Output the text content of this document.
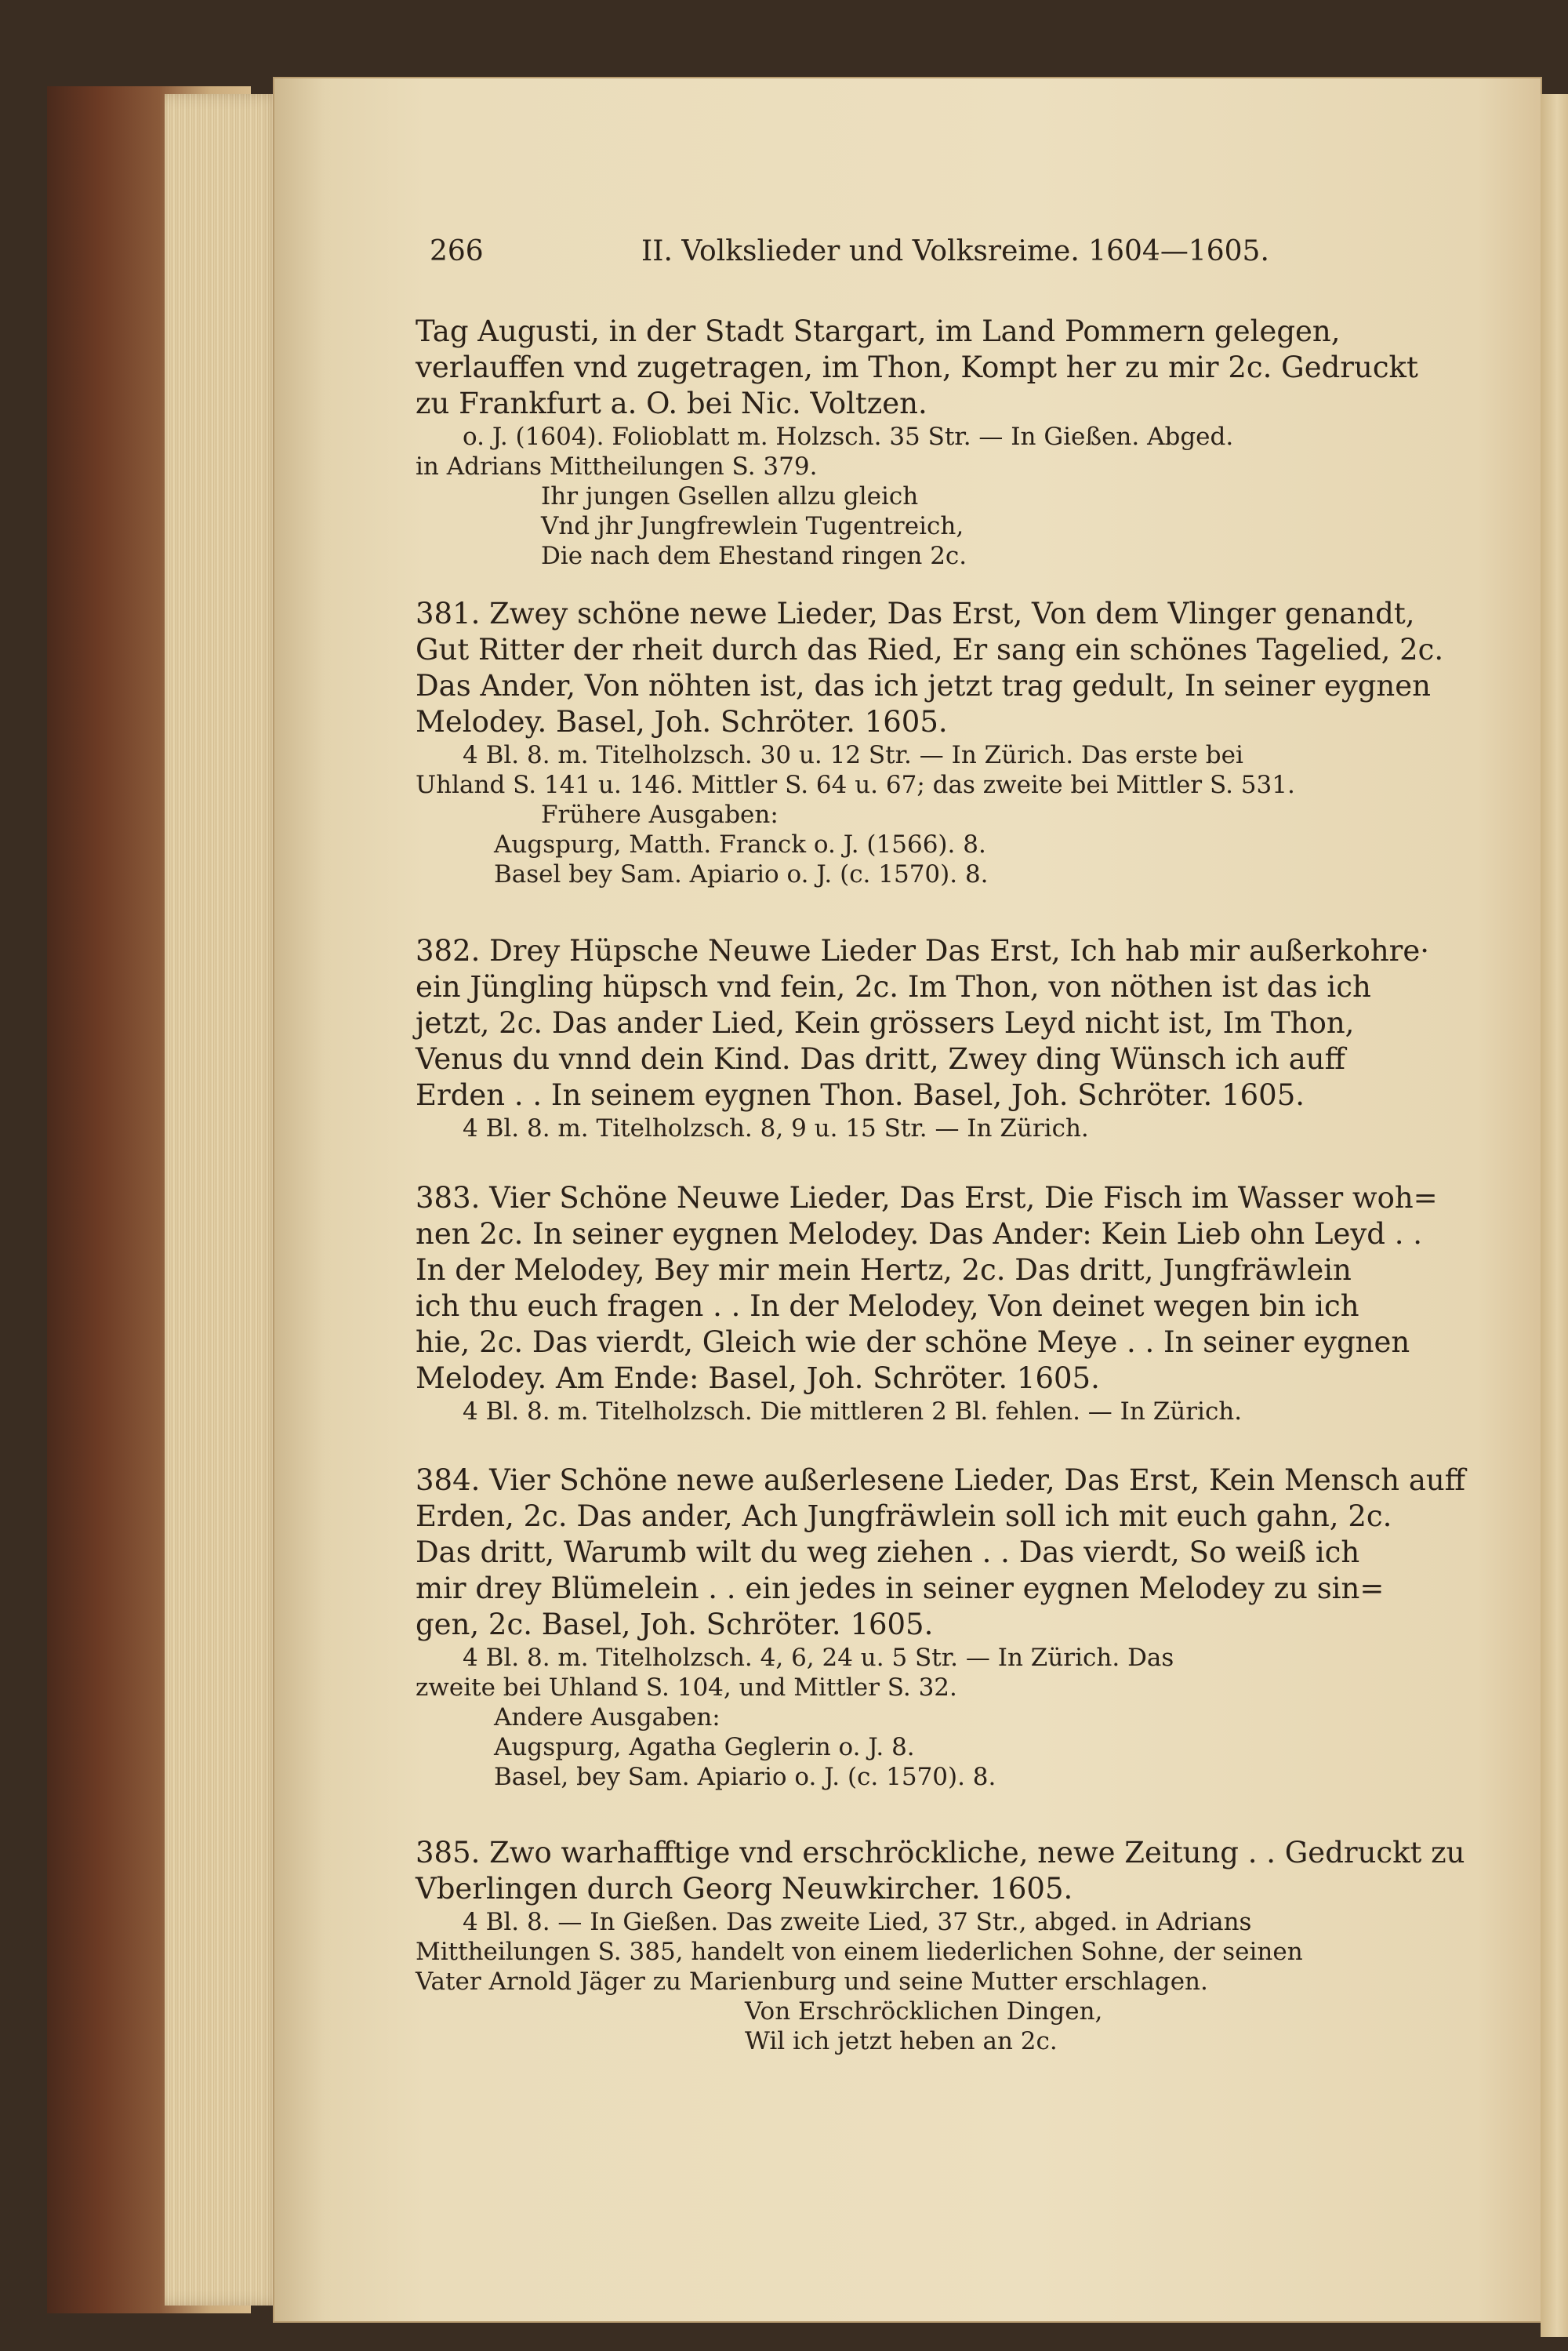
266	II. Volkslieder und Volksreime. 1604—1605.
Tag Augusti, in der Stadt Stargart, im Land Pommern gelegen,
verlauffen vnd zugetragen, im Thon, Kompt her zu mir 2c. Gedruckt
zu Frankfurt a. O. bei Nic. Voltzen.
o. J. (1604). Folioblatt m. Holzsch. 35 Str. — In Gießen. Abged.
in Adrians Mittheilungen S. 379.
Ihr jungen Gsellen allzu gleich
Vnd jhr Jungfrewlein Tugentreich,
Die nach dem Ehestand ringen 2c.
381. Zwey schöne newe Lieder, Das Erst, Von dem Vlinger genandt,
Gut Ritter der rheit durch das Ried, Er sang ein schönes Tagelied, 2c.
Das Ander, Von nöhten ist, das ich jetzt trag gedult, In seiner eygnen
Melodey. Basel, Joh. Schröter. 1605.
4 Bl. 8. m. Titelholzsch. 30 u. 12 Str. — In Zürich. Das erste bei
Uhland S. 141 u. 146. Mittler S. 64 u. 67; das zweite bei Mittler S. 531.
Frühere Ausgaben:
Augspurg, Matth. Franck o. J. (1566). 8.
Basel bey Sam. Apiario o. J. (c. 1570). 8.
382. Drey Hüpsche Neuwe Lieder Das Erst, Ich hab mir außerkohre·
ein Jüngling hüpsch vnd fein, 2c. Im Thon, von nöthen ist das ich
jetzt, 2c. Das ander Lied, Kein grössers Leyd nicht ist, Im Thon,
Venus du vnnd dein Kind. Das dritt, Zwey ding Wünsch ich auff
Erden . . In seinem eygnen Thon. Basel, Joh. Schröter. 1605.
4 Bl. 8. m. Titelholzsch. 8, 9 u. 15 Str. — In Zürich.
383. Vier Schöne Neuwe Lieder, Das Erst, Die Fisch im Wasser woh=
nen 2c. In seiner eygnen Melodey. Das Ander: Kein Lieb ohn Leyd . .
In der Melodey, Bey mir mein Hertz, 2c. Das dritt, Jungfräwlein
ich thu euch fragen . . In der Melodey, Von deinet wegen bin ich
hie, 2c. Das vierdt, Gleich wie der schöne Meye . . In seiner eygnen
Melodey. Am Ende: Basel, Joh. Schröter. 1605.
4 Bl. 8. m. Titelholzsch. Die mittleren 2 Bl. fehlen. — In Zürich.
384. Vier Schöne newe außerlesene Lieder, Das Erst, Kein Mensch auff
Erden, 2c. Das ander, Ach Jungfräwlein soll ich mit euch gahn, 2c.
Das dritt, Warumb wilt du weg ziehen . . Das vierdt, So weiß ich
mir drey Blümelein . . ein jedes in seiner eygnen Melodey zu sin=
gen, 2c. Basel, Joh. Schröter. 1605.
4 Bl. 8. m. Titelholzsch. 4, 6, 24 u. 5 Str. — In Zürich. Das
zweite bei Uhland S. 104, und Mittler S. 32.
Andere Ausgaben:
Augspurg, Agatha Geglerin o. J. 8.
Basel, bey Sam. Apiario o. J. (c. 1570). 8.
385. Zwo warhafftige vnd erschröckliche, newe Zeitung . . Gedruckt zu
Vberlingen durch Georg Neuwkircher. 1605.
4 Bl. 8. — In Gießen. Das zweite Lied, 37 Str., abged. in Adrians
Mittheilungen S. 385, handelt von einem liederlichen Sohne, der seinen
Vater Arnold Jäger zu Marienburg und seine Mutter erschlagen.
Von Erschröcklichen Dingen,
Wil ich jetzt heben an 2c.
